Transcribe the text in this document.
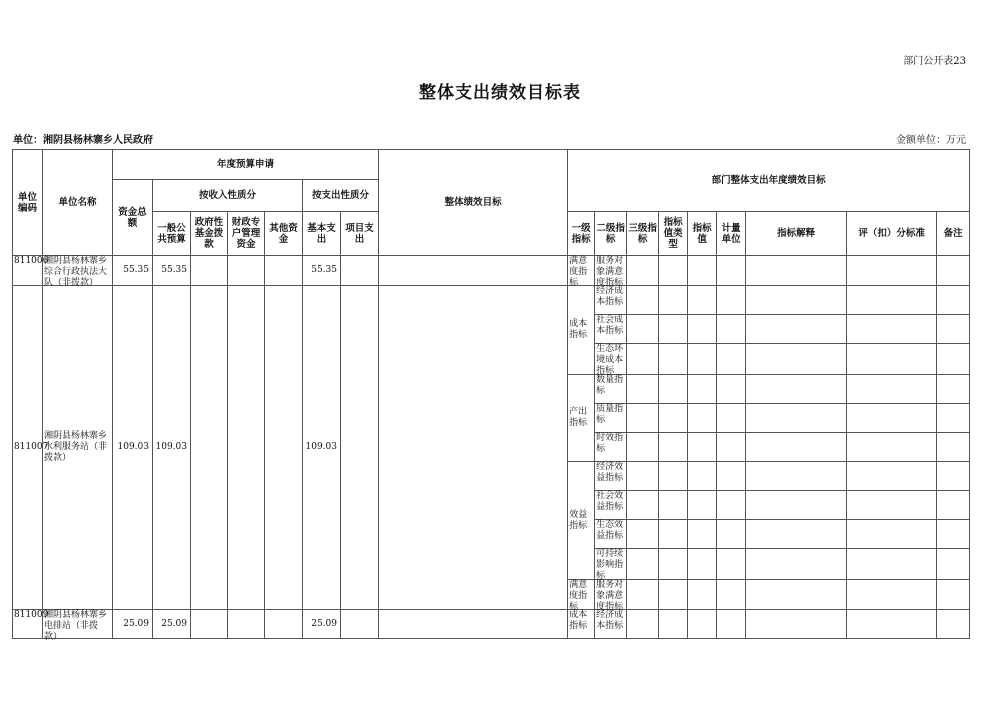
部门公开表23
整体支出绩效目标表
单位：湘阴县杨林寨乡人民政府	金额单位：万元
单位编码	单位名称	年度预算申请							整体绩效目标	部门整体支出年度绩效目标								
		资金总额	按收入性质分				按支出性质分											
			一般公共预算	政府性基金拨款	财政专户管理资金	其他资金	基本支出	项目支出		一级指标	二级指标	三级指标	指标值类型	指标值	计量单位	指标解释	评（扣）分标准	备注

811006	湘阴县杨林寨乡综合行政执法大队（非拨款）	55.35	55.35				55.35			满意度指标	服务对象满意度指标							

811007	湘阴县杨林寨乡水利服务站（非拨款）	109.03	109.03				109.03			成本指标	经济成本指标							

											社会成本指标							

											生态环境成本指标							

										产出指标	数量指标							

											质量指标							

											时效指标							

										效益指标	经济效益指标							

											社会效益指标							

											生态效益指标							

											可持续影响指标							

										满意度指标	服务对象满意度指标							

811009	湘阴县杨林寨乡电排站（非拨款）	25.09	25.09				25.09			成本指标	经济成本指标							
